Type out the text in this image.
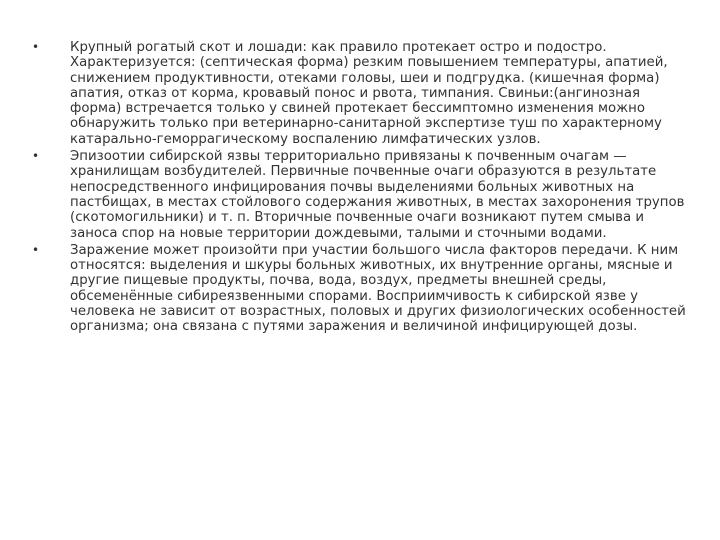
• Крупный рогатый скот и лошади: как правило протекает остро и подостро. Характеризуется: (септическая форма) резким повышением температуры, апатией, снижением продуктивности, отеками головы, шеи и подгрудка. (кишечная форма) апатия, отказ от корма, кровавый понос и рвота, тимпания. Свиньи:(ангинозная форма) встречается только у свиней протекает бессимптомно изменения можно обнаружить только при ветеринарно-санитарной экспертизе туш по характерному катарально-геморрагическому воспалению лимфатических узлов.
• Эпизоотии сибирской язвы территориально привязаны к почвенным очагам — хранилищам возбудителей. Первичные почвенные очаги образуются в результате непосредственного инфицирования почвы выделениями больных животных на пастбищах, в местах стойлового содержания животных, в местах захоронения трупов (скотомогильники) и т. п. Вторичные почвенные очаги возникают путем смыва и заноса спор на новые территории дождевыми, талыми и сточными водами.
• Заражение может произойти при участии большого числа факторов передачи. К ним относятся: выделения и шкуры больных животных, их внутренние органы, мясные и другие пищевые продукты, почва, вода, воздух, предметы внешней среды, обсеменённые сибиреязвенными спорами. Восприимчивость к сибирской язве у человека не зависит от возрастных, половых и других физиологических особенностей организма; она связана с путями заражения и величиной инфицирующей дозы.
